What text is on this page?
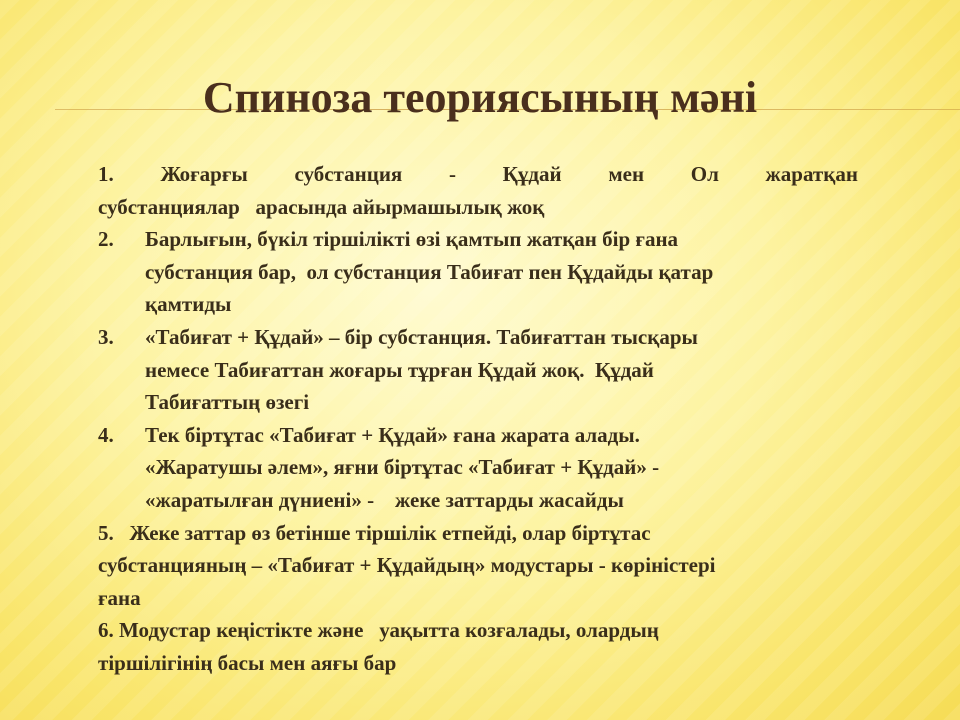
Спиноза теориясының мәні
1. Жоғарғы субстанция - Құдай мен Ол жаратқан
субстанциялар   арасында айырмашылық жоқ
2.	Барлығын, бүкіл тіршілікті өзі қамтып жатқан бір ғана
субстанция бар,  ол субстанция Табиғат пен Құдайды қатар
қамтиды
3.	«Табиғат + Құдай» – бір субстанция. Табиғаттан тысқары
немесе Табиғаттан жоғары тұрған Құдай жоқ.  Құдай
Табиғаттың өзегі
4.	Тек біртұтас «Табиғат + Құдай» ғана жарата алады.
«Жаратушы әлем», яғни біртұтас «Табиғат + Құдай» -
«жаратылған дүниені» -    жеке заттарды жасайды
5.   Жеке заттар өз бетінше тіршілік етпейді, олар біртұтас
субстанцияның – «Табиғат + Құдайдың» модустары - көріністері
ғана
6. Модустар кеңістікте және   уақытта козғалады, олардың
тіршілігінің басы мен аяғы бар
